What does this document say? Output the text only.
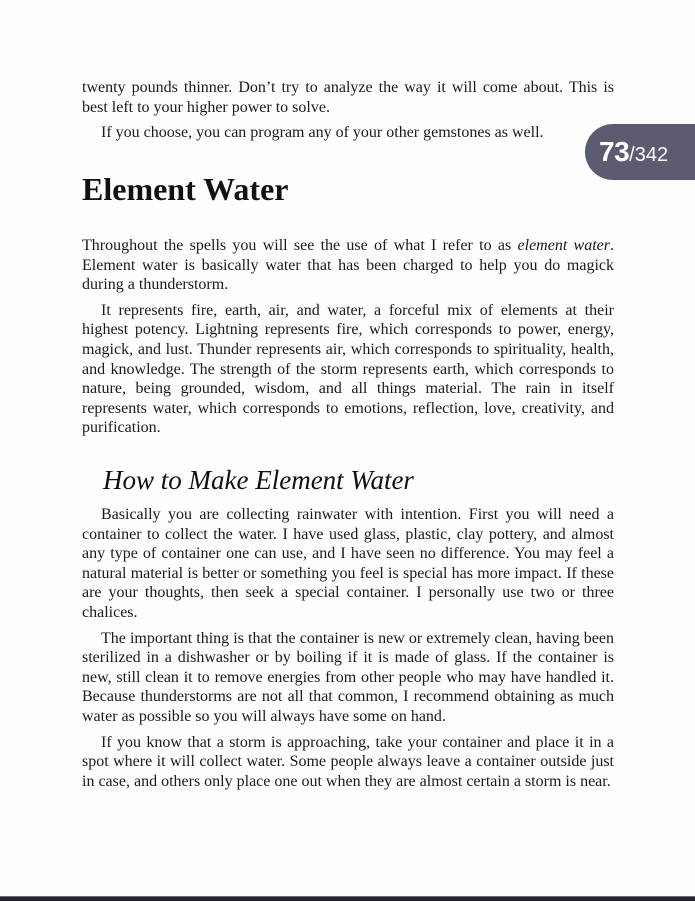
twenty pounds thinner. Don’t try to analyze the way it will come about. This is best left to your higher power to solve.

If you choose, you can program any of your other gemstones as well.

73 / 342
Element Water

Throughout the spells you will see the use of what I refer to as element water. Element water is basically water that has been charged to help you do magick during a thunderstorm.

It represents fire, earth, air, and water, a forceful mix of elements at their highest potency. Lightning represents fire, which corresponds to power, energy, magick, and lust. Thunder represents air, which corresponds to spirituality, health, and knowledge. The strength of the storm represents earth, which corresponds to nature, being grounded, wisdom, and all things material. The rain in itself represents water, which corresponds to emotions, reflection, love, creativity, and purification.

How to Make Element Water

Basically you are collecting rainwater with intention. First you will need a container to collect the water. I have used glass, plastic, clay pottery, and almost any type of container one can use, and I have seen no difference. You may feel a natural material is better or something you feel is special has more impact. If these are your thoughts, then seek a special container. I personally use two or three chalices.

The important thing is that the container is new or extremely clean, having been sterilized in a dishwasher or by boiling if it is made of glass. If the container is new, still clean it to remove energies from other people who may have handled it. Because thunderstorms are not all that common, I recommend obtaining as much water as possible so you will always have some on hand.

If you know that a storm is approaching, take your container and place it in a spot where it will collect water. Some people always leave a container outside just in case, and others only place one out when they are almost certain a storm is near.
